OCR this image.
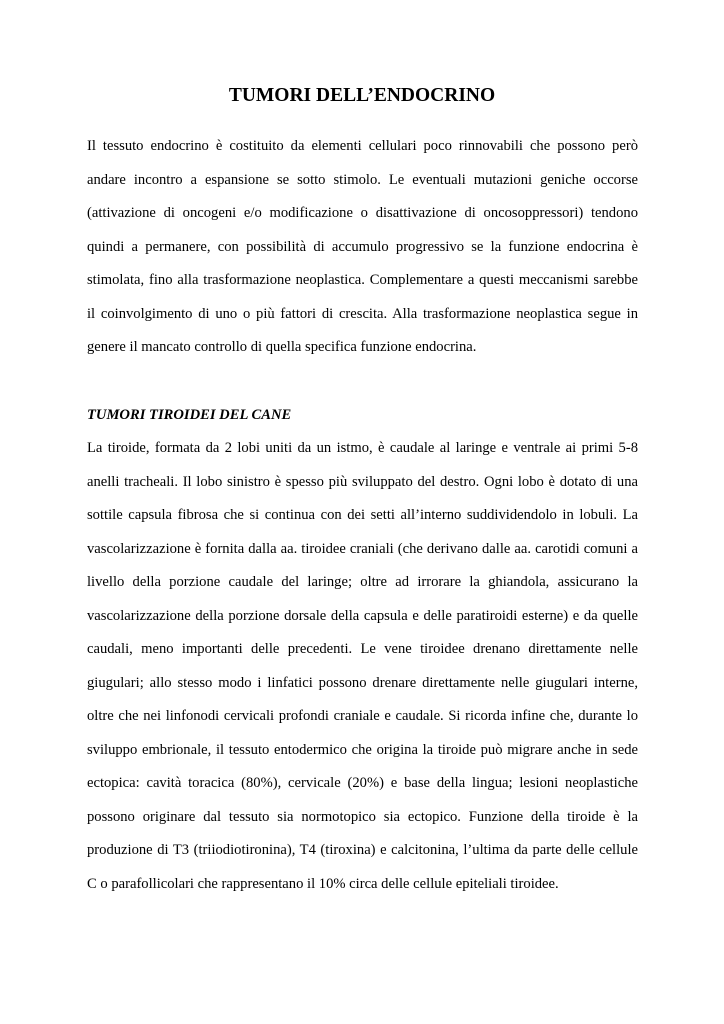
TUMORI DELL’ENDOCRINO

Il tessuto endocrino è costituito da elementi cellulari poco rinnovabili che possono però andare incontro a espansione se sotto stimolo. Le eventuali mutazioni geniche occorse (attivazione di oncogeni e/o modificazione o disattivazione di oncosoppressori) tendono quindi a permanere, con possibilità di accumulo progressivo se la funzione endocrina è stimolata, fino alla trasformazione neoplastica. Complementare a questi meccanismi sarebbe il coinvolgimento di uno o più fattori di crescita. Alla trasformazione neoplastica segue in genere il mancato controllo di quella specifica funzione endocrina.

TUMORI TIROIDEI DEL CANE

La tiroide, formata da 2 lobi uniti da un istmo, è caudale al laringe e ventrale ai primi 5-8 anelli tracheali. Il lobo sinistro è spesso più sviluppato del destro. Ogni lobo è dotato di una sottile capsula fibrosa che si continua con dei setti all’interno suddividendolo in lobuli. La vascolarizzazione è fornita dalla aa. tiroidee craniali (che derivano dalle aa. carotidi comuni a livello della porzione caudale del laringe; oltre ad irrorare la ghiandola, assicurano la vascolarizzazione della porzione dorsale della capsula e delle paratiroidi esterne) e da quelle caudali, meno importanti delle precedenti. Le vene tiroidee drenano direttamente nelle giugulari; allo stesso modo i linfatici possono drenare direttamente nelle giugulari interne, oltre che nei linfonodi cervicali profondi craniale e caudale. Si ricorda infine che, durante lo sviluppo embrionale, il tessuto entodermico che origina la tiroide può migrare anche in sede ectopica: cavità toracica (80%), cervicale (20%) e base della lingua; lesioni neoplastiche possono originare dal tessuto sia normotopico sia ectopico. Funzione della tiroide è la produzione di T3 (triiodiotironina), T4 (tiroxina) e calcitonina, l’ultima da parte delle cellule C o parafollicolari che rappresentano il 10% circa delle cellule epiteliali tiroidee.
